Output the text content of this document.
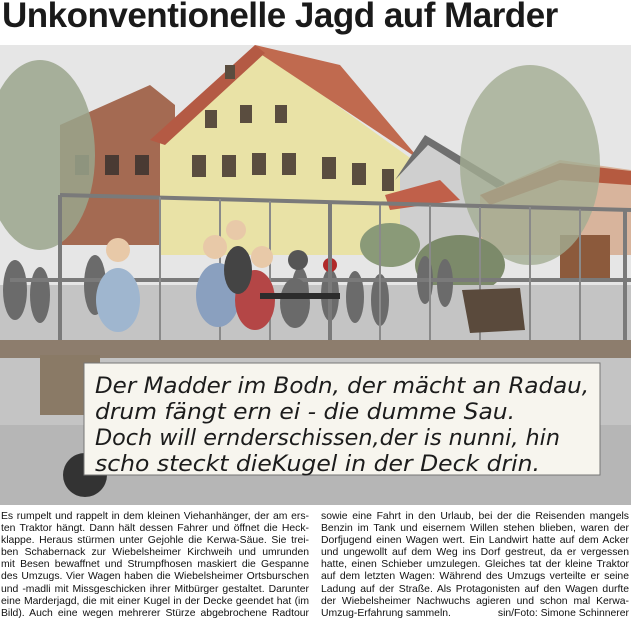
Unkonventionelle Jagd auf Marder
Der Madder im Bodn, der mächt an Radau,
drum fängt ern ei - die dumme Sau.
Doch will ernderschissen,der is nunni, hin
scho steckt dieKugel in der Deck drin.
Es rumpelt und rappelt in dem kleinen Viehanhänger, der am ers-
ten Traktor hängt. Dann hält dessen Fahrer und öffnet die Heck-
klappe. Heraus stürmen unter Gejohle die Kerwa-Säue. Sie trei-
ben Schabernack zur Wiebelsheimer Kirchweih und umrunden
mit Besen bewaffnet und Strumpfhosen maskiert die Gespanne
des Umzugs. Vier Wagen haben die Wiebelsheimer Ortsburschen
und -madli mit Missgeschicken ihrer Mitbürger gestaltet. Darunter
eine Marderjagd, die mit einer Kugel in der Decke geendet hat (im
Bild). Auch eine wegen mehrerer Stürze abgebrochene Radtour
sowie eine Fahrt in den Urlaub, bei der die Reisenden mangels
Benzin im Tank und eisernem Willen stehen blieben, waren der
Dorfjugend einen Wagen wert. Ein Landwirt hatte auf dem Acker
und ungewollt auf dem Weg ins Dorf gestreut, da er vergessen
hatte, einen Schieber umzulegen. Gleiches tat der kleine Traktor
auf dem letzten Wagen: Während des Umzugs verteilte er seine
Ladung auf der Straße. Als Protagonisten auf den Wagen durfte
der Wiebelsheimer Nachwuchs agieren und schon mal Kerwa-
Umzug-Erfahrung sammeln.	sin/Foto: Simone Schinnerer
